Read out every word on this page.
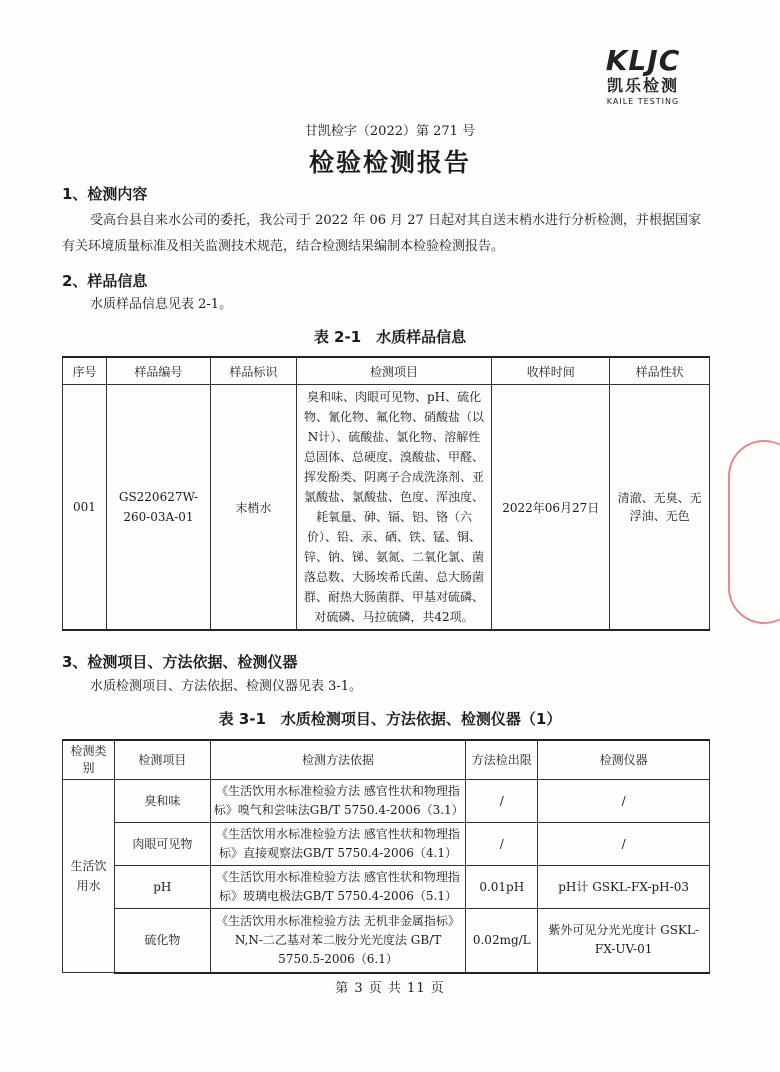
KLJC
凯乐检测
KAILE TESTING
甘凯检字（2022）第 271 号
检验检测报告
1、检测内容
受高台县自来水公司的委托，我公司于 2022 年 06 月 27 日起对其自送末梢水进行分析检测，并根据国家有关环境质量标准及相关监测技术规范，结合检测结果编制本检验检测报告。
2、样品信息
水质样品信息见表 2-1。
表 2-1　水质样品信息
序号	样品编号	样品标识	检测项目	收样时间	样品性状
001	GS220627W-260-03A-01	末梢水	臭和味、肉眼可见物、pH、硫化物、氰化物、氟化物、硝酸盐（以N计）、硫酸盐、氯化物、溶解性总固体、总硬度、溴酸盐、甲醛、挥发酚类、阴离子合成洗涤剂、亚氯酸盐、氯酸盐、色度、浑浊度、耗氧量、砷、镉、铝、铬（六价）、铅、汞、硒、铁、锰、铜、锌、钠、锑、氨氮、二氧化氯、菌落总数、大肠埃希氏菌、总大肠菌群、耐热大肠菌群、甲基对硫磷、对硫磷、马拉硫磷，共42项。	2022年06月27日	清澈、无臭、无浮油、无色
3、检测项目、方法依据、检测仪器
水质检测项目、方法依据、检测仪器见表 3-1。
表 3-1　水质检测项目、方法依据、检测仪器（1）
检测类别	检测项目	检测方法依据	方法检出限	检测仪器
生活饮用水	臭和味	《生活饮用水标准检验方法 感官性状和物理指标》嗅气和尝味法GB/T 5750.4-2006（3.1）	/	/
	肉眼可见物	《生活饮用水标准检验方法 感官性状和物理指标》直接观察法GB/T 5750.4-2006（4.1）	/	/
	pH	《生活饮用水标准检验方法 感官性状和物理指标》玻璃电极法GB/T 5750.4-2006（5.1）	0.01pH	pH计 GSKL-FX-pH-03
	硫化物	《生活饮用水标准检验方法 无机非金属指标》N,N-二乙基对苯二胺分光光度法 GB/T 5750.5-2006（6.1）	0.02mg/L	紫外可见分光光度计 GSKL-FX-UV-01
第 3 页 共 11 页
